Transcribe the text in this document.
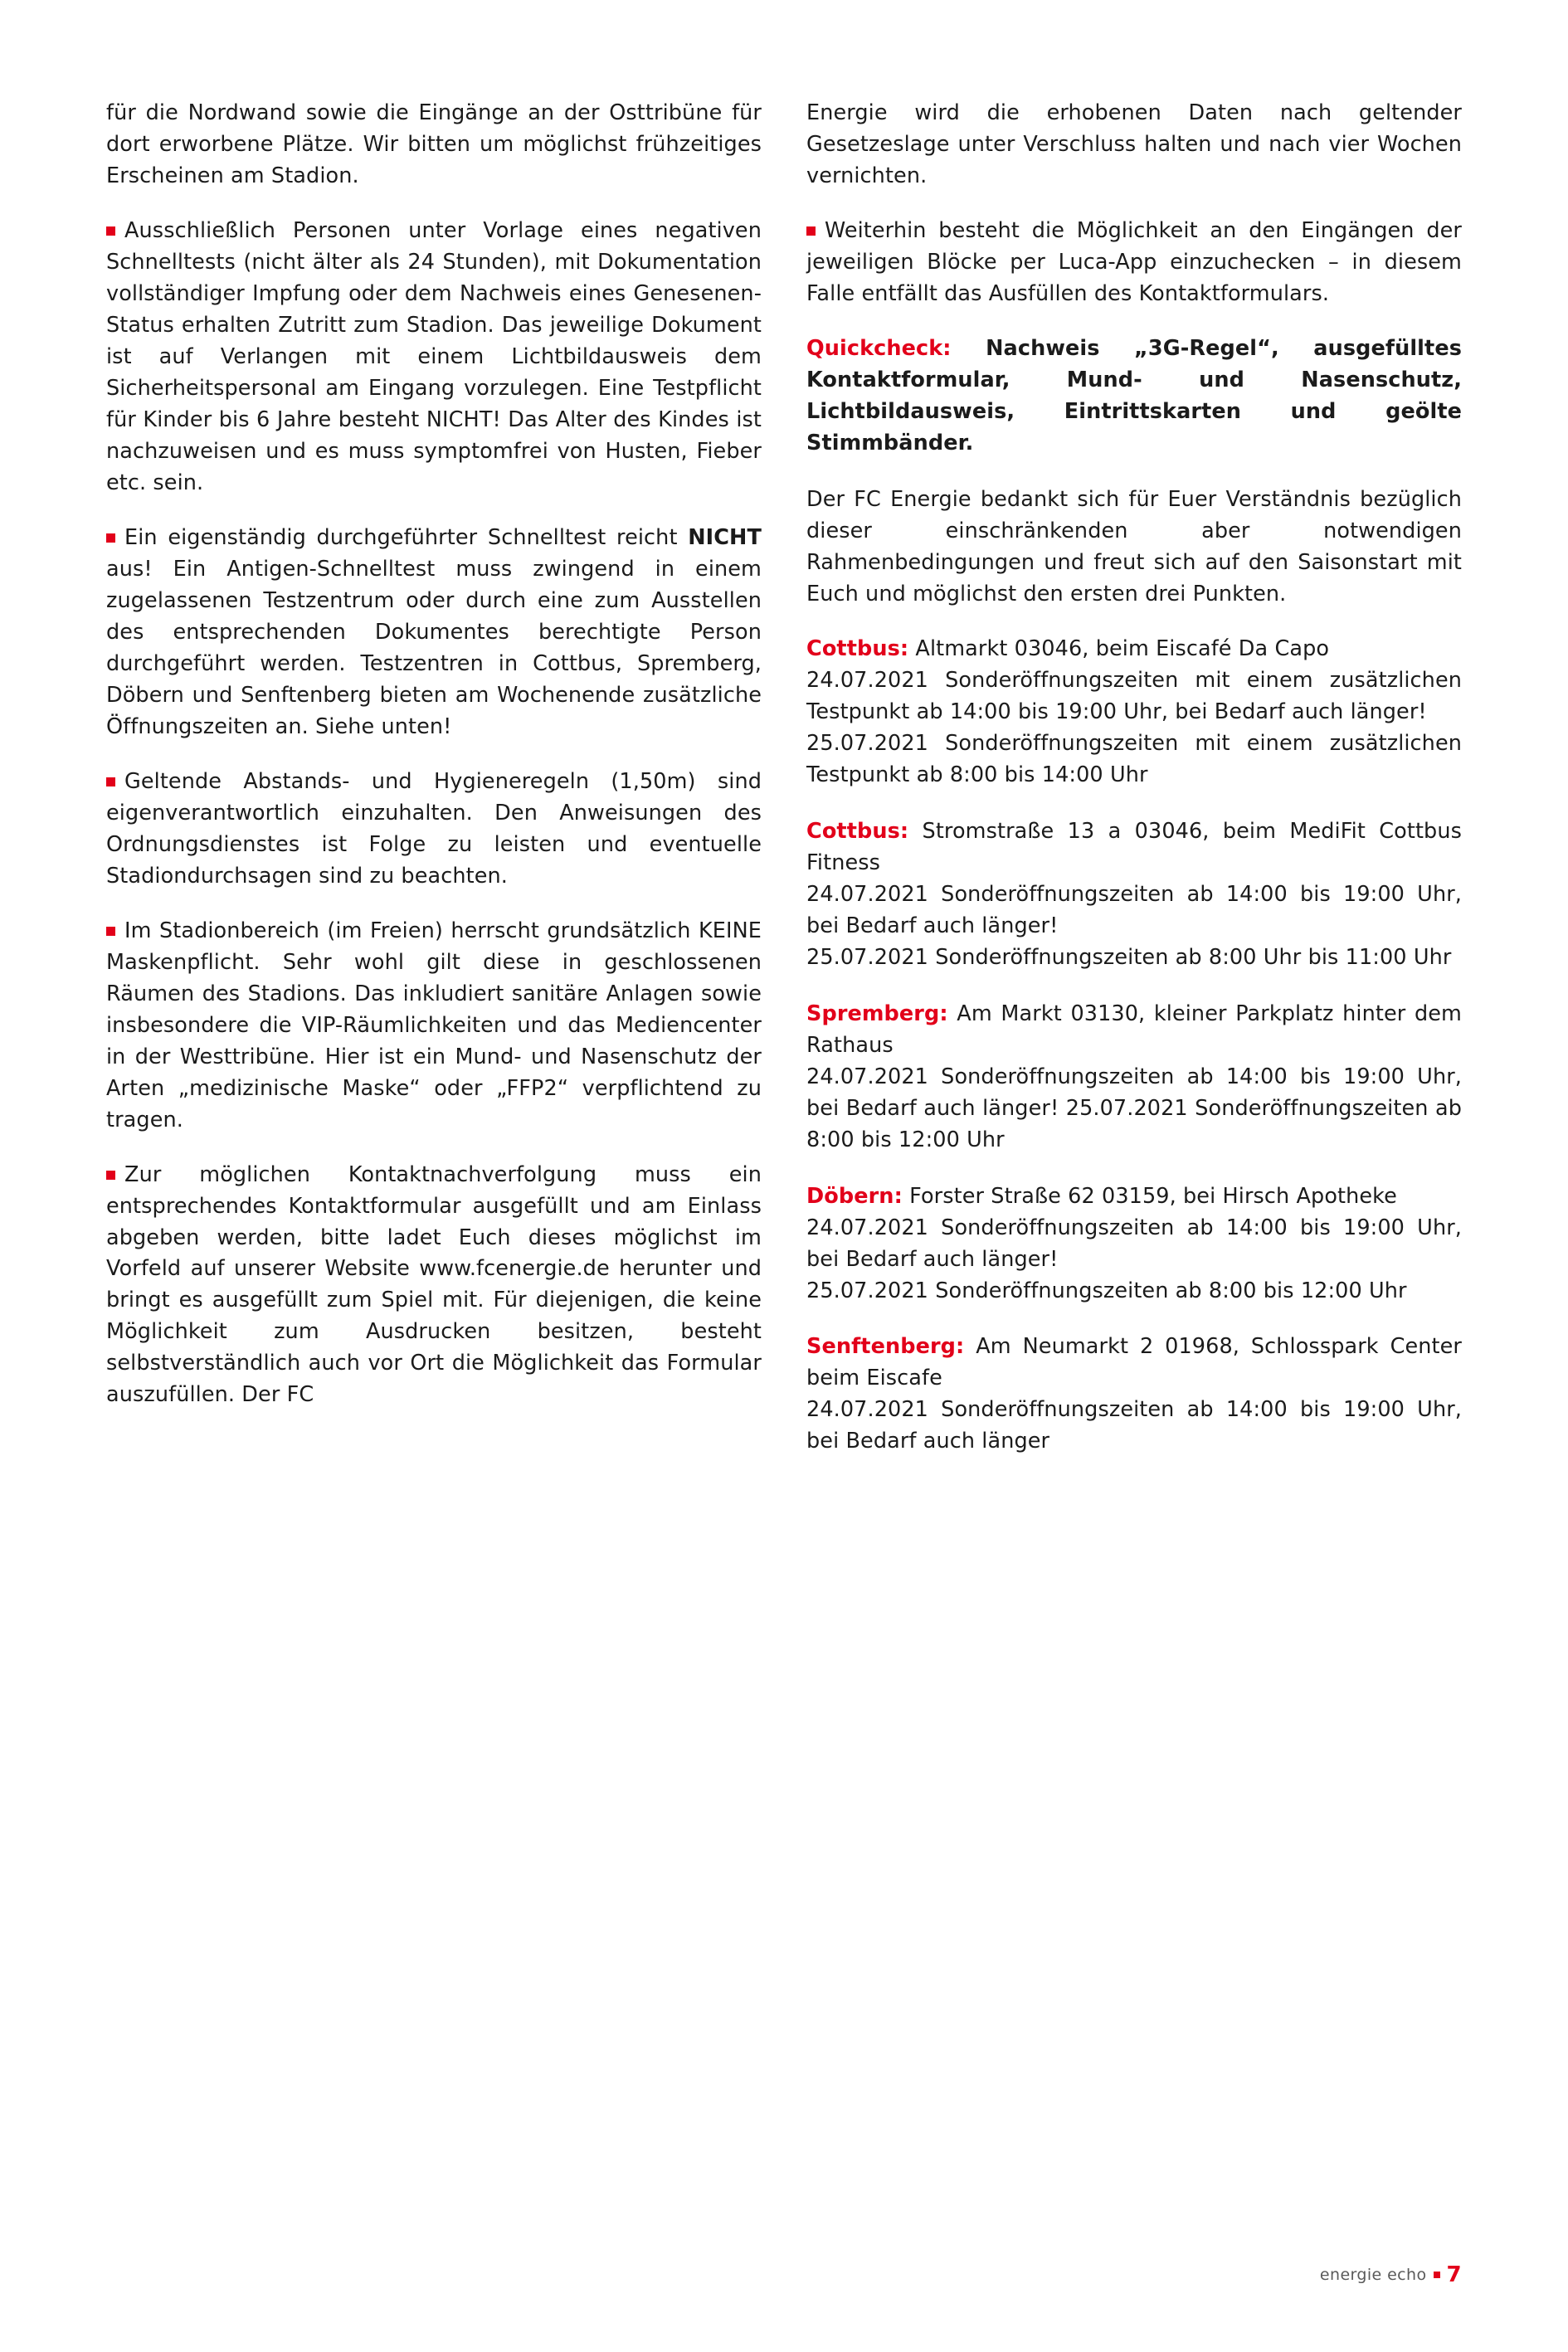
für die Nordwand sowie die Eingänge an der Osttribüne für dort erworbene Plätze. Wir bitten um möglichst frühzeitiges Erscheinen am Stadion.

Ausschließlich Personen unter Vorlage eines negativen Schnelltests (nicht älter als 24 Stunden), mit Dokumentation vollständiger Impfung oder dem Nachweis eines Genesenen-Status erhalten Zutritt zum Stadion. Das jeweilige Dokument ist auf Verlangen mit einem Lichtbildausweis dem Sicherheitspersonal am Eingang vorzulegen. Eine Testpflicht für Kinder bis 6 Jahre besteht NICHT! Das Alter des Kindes ist nachzuweisen und es muss symptomfrei von Husten, Fieber etc. sein.

Ein eigenständig durchgeführter Schnelltest reicht NICHT aus! Ein Antigen-Schnelltest muss zwingend in einem zugelassenen Testzentrum oder durch eine zum Ausstellen des entsprechenden Dokumentes berechtigte Person durchgeführt werden. Testzentren in Cottbus, Spremberg, Döbern und Senftenberg bieten am Wochenende zusätzliche Öffnungszeiten an. Siehe unten!

Geltende Abstands- und Hygieneregeln (1,50m) sind eigenverantwortlich einzuhalten. Den Anweisungen des Ordnungsdienstes ist Folge zu leisten und eventuelle Stadiondurchsagen sind zu beachten.

Im Stadionbereich (im Freien) herrscht grundsätzlich KEINE Maskenpflicht. Sehr wohl gilt diese in geschlossenen Räumen des Stadions. Das inkludiert sanitäre Anlagen sowie insbesondere die VIP-Räumlichkeiten und das Mediencenter in der Westtribüne. Hier ist ein Mund- und Nasenschutz der Arten „medizinische Maske“ oder „FFP2“ verpflichtend zu tragen.

Zur möglichen Kontaktnachverfolgung muss ein entsprechendes Kontaktformular ausgefüllt und am Einlass abgeben werden, bitte ladet Euch dieses möglichst im Vorfeld auf unserer Website www.fcenergie.de herunter und bringt es ausgefüllt zum Spiel mit. Für diejenigen, die keine Möglichkeit zum Ausdrucken besitzen, besteht selbstverständlich auch vor Ort die Möglichkeit das Formular auszufüllen. Der FC

Energie wird die erhobenen Daten nach geltender Gesetzeslage unter Verschluss halten und nach vier Wochen vernichten.

Weiterhin besteht die Möglichkeit an den Eingängen der jeweiligen Blöcke per Luca-App einzuchecken – in diesem Falle entfällt das Ausfüllen des Kontaktformulars.

Quickcheck: Nachweis „3G-Regel“, ausgefülltes Kontaktformular, Mund- und Nasenschutz, Lichtbildausweis, Eintrittskarten und geölte Stimmbänder.

Der FC Energie bedankt sich für Euer Verständnis bezüglich dieser einschränkenden aber notwendigen Rahmenbedingungen und freut sich auf den Saisonstart mit Euch und möglichst den ersten drei Punkten.

Cottbus: Altmarkt 03046, beim Eiscafé Da Capo

24.07.2021 Sonderöffnungszeiten mit einem zusätzlichen Testpunkt ab 14:00 bis 19:00 Uhr, bei Bedarf auch länger!
25.07.2021 Sonderöffnungszeiten mit einem zusätzlichen Testpunkt ab 8:00 bis 14:00 Uhr
Cottbus: Stromstraße 13 a 03046, beim MediFit Cottbus Fitness

24.07.2021 Sonderöffnungszeiten ab 14:00 bis 19:00 Uhr, bei Bedarf auch länger!
25.07.2021 Sonderöffnungszeiten ab 8:00 Uhr bis 11:00 Uhr
Spremberg: Am Markt 03130, kleiner Parkplatz hinter dem Rathaus

24.07.2021 Sonderöffnungszeiten ab 14:00 bis 19:00 Uhr, bei Bedarf auch länger! 25.07.2021 Sonderöffnungszeiten ab 8:00 bis 12:00 Uhr
Döbern: Forster Straße 62 03159, bei Hirsch Apotheke

24.07.2021 Sonderöffnungszeiten ab 14:00 bis 19:00 Uhr, bei Bedarf auch länger!
25.07.2021 Sonderöffnungszeiten ab 8:00 bis 12:00 Uhr
Senftenberg: Am Neumarkt 2 01968, Schlosspark Center beim Eiscafe

24.07.2021 Sonderöffnungszeiten ab 14:00 bis 19:00 Uhr, bei Bedarf auch länger
energie echo 7
